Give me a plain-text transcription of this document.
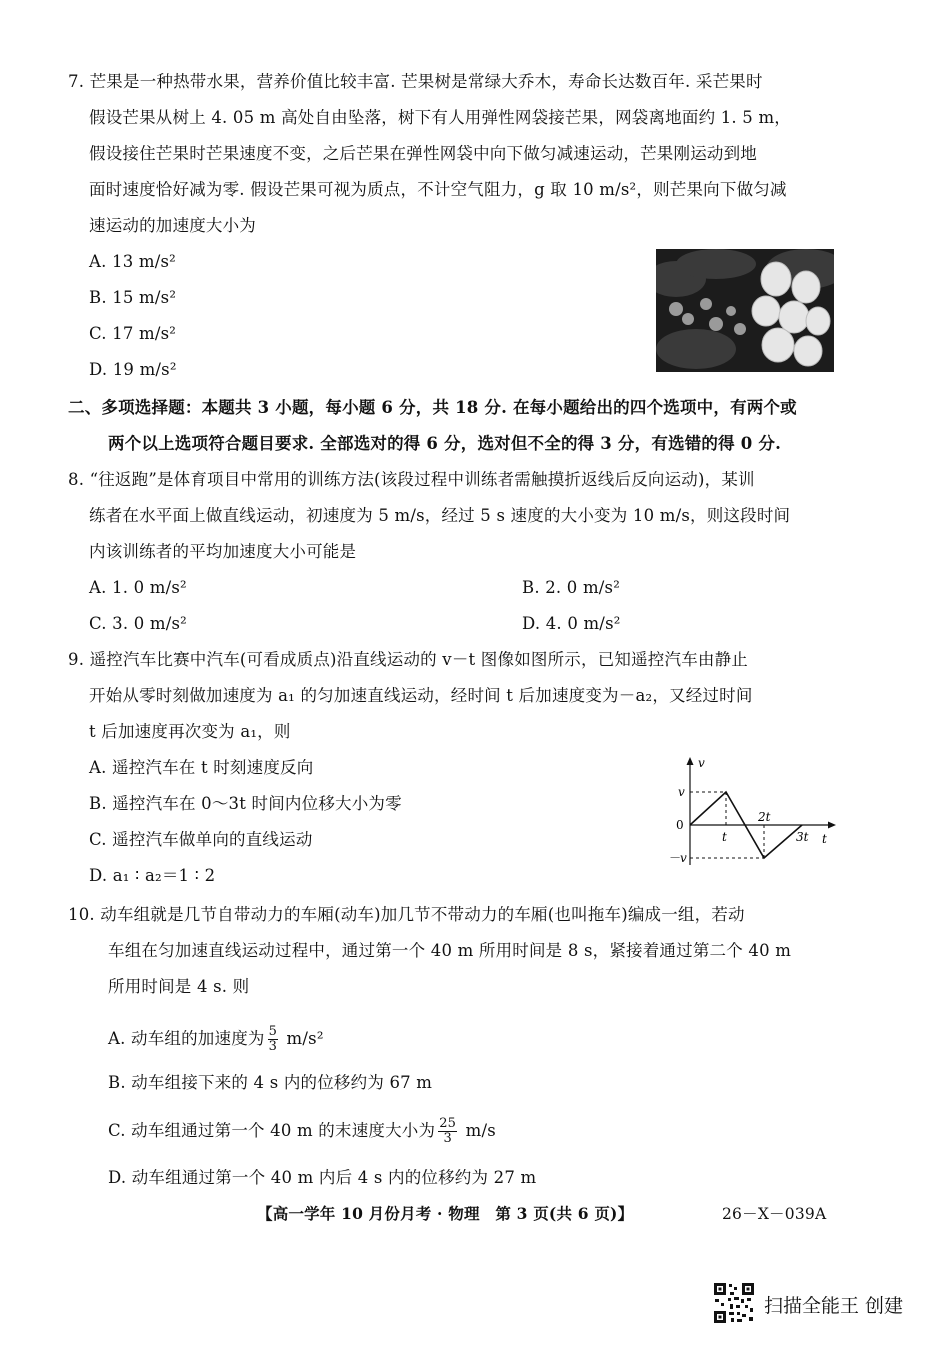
7. 芒果是一种热带水果，营养价值比较丰富. 芒果树是常绿大乔木，寿命长达数百年. 采芒果时
假设芒果从树上 4. 05 m 高处自由坠落，树下有人用弹性网袋接芒果，网袋离地面约 1. 5 m，
假设接住芒果时芒果速度不变，之后芒果在弹性网袋中向下做匀减速运动，芒果刚运动到地
面时速度恰好减为零. 假设芒果可视为质点，不计空气阻力，g 取 10 m/s²，则芒果向下做匀减
速运动的加速度大小为
A. 13 m/s²
B. 15 m/s²
C. 17 m/s²
D. 19 m/s²
二、多项选择题：本题共 3 小题，每小题 6 分，共 18 分. 在每小题给出的四个选项中，有两个或
两个以上选项符合题目要求. 全部选对的得 6 分，选对但不全的得 3 分，有选错的得 0 分.
8. “往返跑”是体育项目中常用的训练方法(该段过程中训练者需触摸折返线后反向运动)，某训
练者在水平面上做直线运动，初速度为 5 m/s，经过 5 s 速度的大小变为 10 m/s，则这段时间
内该训练者的平均加速度大小可能是
A. 1. 0 m/s²	B. 2. 0 m/s²
C. 3. 0 m/s²	D. 4. 0 m/s²
9. 遥控汽车比赛中汽车(可看成质点)沿直线运动的 v－t 图像如图所示，已知遥控汽车由静止
开始从零时刻做加速度为 a₁ 的匀加速直线运动，经时间 t 后加速度变为－a₂，又经过时间
t 后加速度再次变为 a₁，则
A. 遥控汽车在 t 时刻速度反向
B. 遥控汽车在 0～3t 时间内位移大小为零
C. 遥控汽车做单向的直线运动
D. a₁ ∶ a₂＝1 ∶ 2
v
t
0
v
－v
t
2t
3t
10. 动车组就是几节自带动力的车厢(动车)加几节不带动力的车厢(也叫拖车)编成一组，若动
车组在匀加速直线运动过程中，通过第一个 40 m 所用时间是 8 s，紧接着通过第二个 40 m
所用时间是 4 s. 则
A. 动车组的加速度为 $\frac{5}{3} m/s^2$
B. 动车组接下来的 4 s 内的位移约为 67 m
C. 动车组通过第一个 40 m 的末速度大小为 $\frac{25}{3} m/s$
D. 动车组通过第一个 40 m 内后 4 s 内的位移约为 27 m
【高一学年 10 月份月考 · 物理　第 3 页(共 6 页)】	26－X－039A
扫描全能王 创建
